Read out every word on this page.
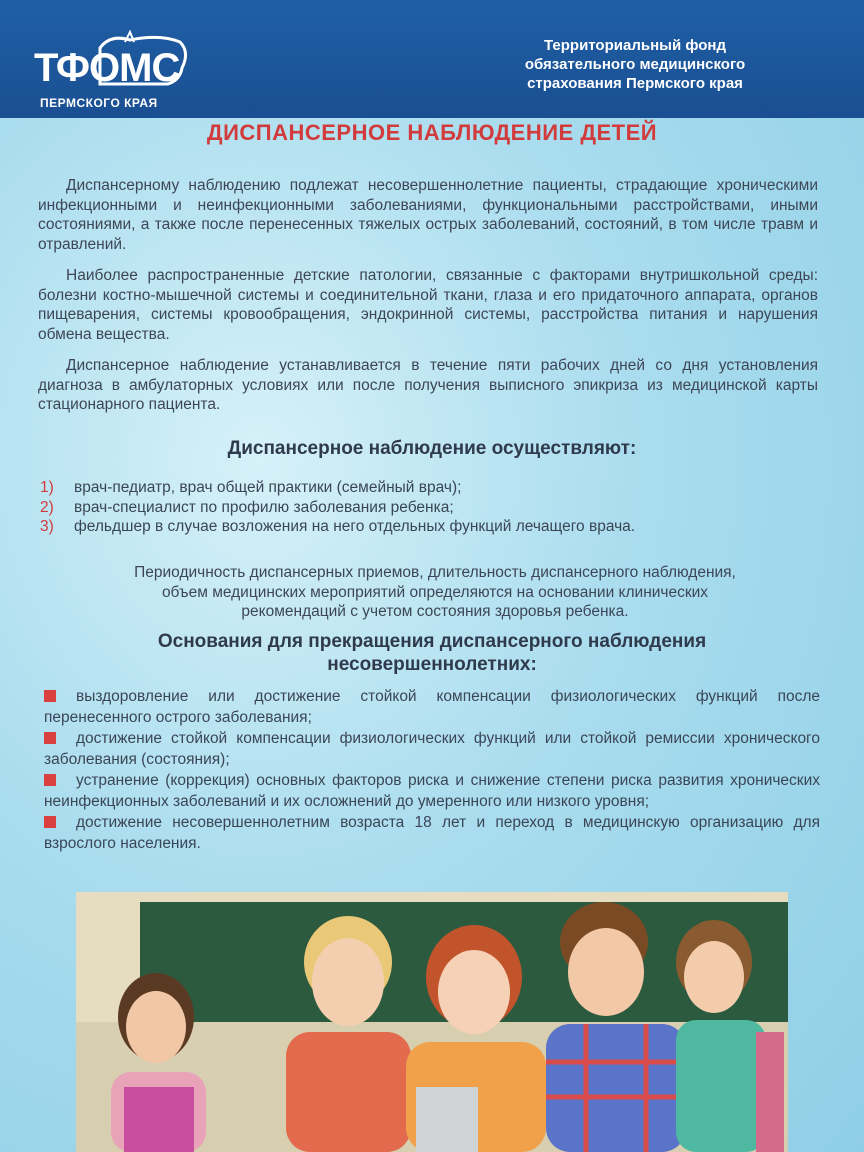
ТФОМС
ПЕРМСКОГО КРАЯ
Территориальный фонд
обязательного медицинского
страхования Пермского края
ДИСПАНСЕРНОЕ НАБЛЮДЕНИЕ ДЕТЕЙ
Диспансерному наблюдению подлежат несовершеннолетние пациенты, страдающие хроническими инфекционными и неинфекционными заболеваниями, функциональными расстройствами, иными состояниями, а также после перенесенных тяжелых острых заболеваний, состояний, в том числе травм и отравлений.
Наиболее распространенные детские патологии, связанные с факторами внутришкольной среды: болезни костно-мышечной системы и соединительной ткани, глаза и его придаточного аппарата, органов пищеварения, системы кровообращения, эндокринной системы, расстройства питания и нарушения обмена вещества.
Диспансерное наблюдение устанавливается в течение пяти рабочих дней со дня установления диагноза в амбулаторных условиях или после получения выписного эпикриза из медицинской карты стационарного пациента.
Диспансерное наблюдение осуществляют:
1)	врач-педиатр, врач общей практики (семейный врач);
2)	врач-специалист по профилю заболевания ребенка;
3)	фельдшер в случае возложения на него отдельных функций лечащего врача.
Периодичность диспансерных приемов, длительность диспансерного наблюдения,
объем медицинских мероприятий определяются на основании клинических
рекомендаций с учетом состояния здоровья ребенка.
Основания для прекращения диспансерного наблюдения
несовершеннолетних:
выздоровление или достижение стойкой компенсации физиологических функций после перенесенного острого заболевания;
достижение стойкой компенсации физиологических функций или стойкой ремиссии хронического заболевания (состояния);
устранение (коррекция) основных факторов риска и снижение степени риска развития хронических неинфекционных заболеваний и их осложнений до умеренного или низкого уровня;
достижение несовершеннолетним возраста 18 лет и переход в медицинскую организацию для взрослого населения.
